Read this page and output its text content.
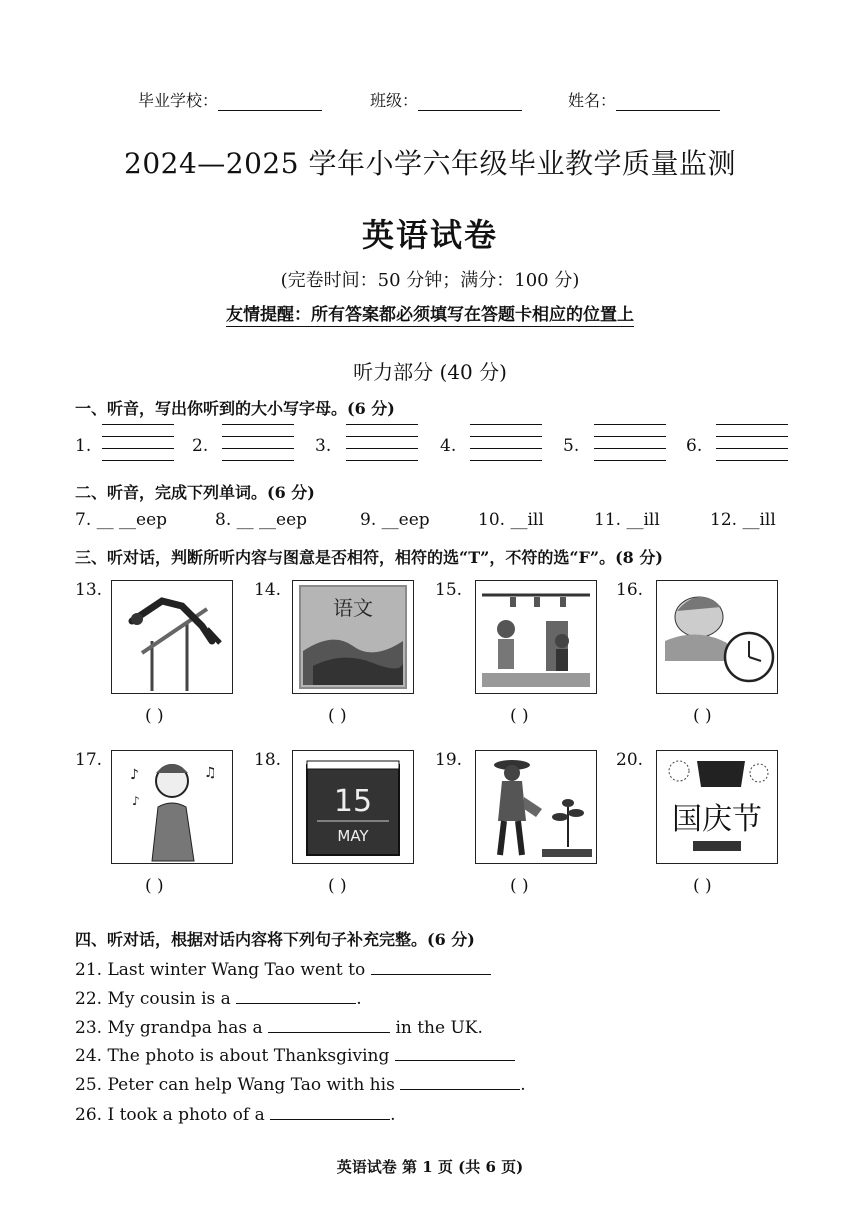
毕业学校：	班级：	姓名：
2024—2025 学年小学六年级毕业教学质量监测
英语试卷
(完卷时间：50 分钟；满分：100 分)
友情提醒：所有答案都必须填写在答题卡相应的位置上
听力部分 (40 分)
一、听音，写出你听到的大小写字母。(6 分)
1.	2.	3.	4.	5.	6.
二、听音，完成下列单词。(6 分)
7. __ __eep	8. __ __eep	9. __eep	10. __ill	11. __ill	12. __ill
三、听对话，判断所听内容与图意是否相符，相符的选“T”，不符的选“F”。(8 分)
13.	14.	15.	16.
语文
( )	( )	( )	( )
17.	18.	19.	20.
♪	♫
♪	15
MAY	国庆节
( )	( )	( )	( )
四、听对话，根据对话内容将下列句子补充完整。(6 分)
21. Last winter Wang Tao went to
22. My cousin is a	.
23. My grandpa has a	in the UK.
24. The photo is about Thanksgiving
25. Peter can help Wang Tao with his	.
26. I took a photo of a	.
英语试卷 第 1 页 (共 6 页)
